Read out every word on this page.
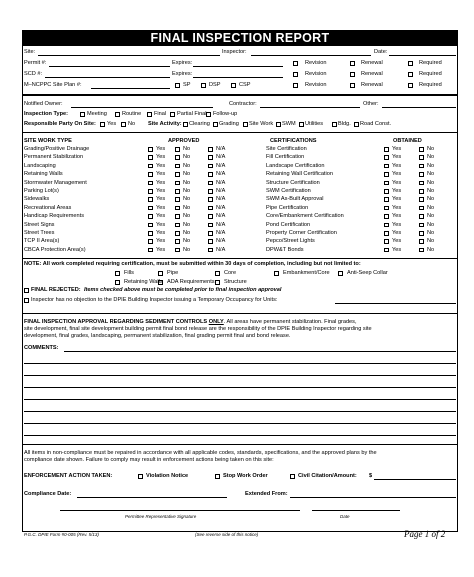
FINAL INSPECTION REPORT
Site:	Inspector:	Date:
Permit #:	Expires:	Revision	Renewal	Required
SCD #:	Expires:	Revision	Renewal	Required
M–NCPPC Site Plan #:	SP	DSP	CSP	Revision	Renewal	Required
Notified Owner:	Contractor:	Other:
Inspection Type:	Meeting	Routine Final Partial Final Follow-up
Responsible Party On Site: Yes No Site Activity: Clearing Grading Site Work SWM Utilities	Bldg. Road Const.
SITE WORK TYPE	APPROVED	CERTIFICATIONS	OBTAINED
Grading/Positive Drainage	Yes	No	N/A	Site Certification	Yes	No
Permanent Stabilization	Yes	No	N/A	Fill Certification	Yes	No
Landscaping	Yes	No	N/A	Landscape Certification	Yes	No
Retaining Walls	Yes	No	N/A	Retaining Wall Certification	Yes	No
Stormwater Management	Yes	No	N/A	Structure Certification	Yes	No
Parking Lot(s)	Yes	No	N/A	SWM Certification	Yes	No
Sidewalks	Yes	No	N/A	SWM As-Built Approval	Yes	No
Recreational Areas	Yes	No	N/A	Pipe Certification	Yes	No
Handicap Requirements	Yes	No	N/A	Core/Embankment Certification	Yes	No
Street Signs	Yes	No	N/A	Pond Certification	Yes	No
Street Trees	Yes	No	N/A	Property Corner Certification	Yes	No
TCP II Area(s)	Yes	No	N/A	Pepco/Street Lights	Yes	No
CBCA Protection Area(s)	Yes	No	N/A	DPW&T Bonds	Yes	No
NOTE: All work completed requiring certification, must be submitted within 30 days of completion, including but not limited to:
Fills	Pipe	Core	Embankment/Core	Anti-Seep Collar
Retaining Walls ADA Requirements Structure
FINAL REJECTED: Items checked above must be completed prior to final inspection approval
Inspector has no objection to the DPIE Building Inspector issuing a Temporary Occupancy for Units:
FINAL INSPECTION APPROVAL REGARDING SEDIMENT CONTROLS ONLY. All areas have permanent stabilization. Final grades,
site development, final site development building permit final bond release are the responsibility of the DPIE Building Inspector regarding site
development, final grades, landscaping, permanent stabilization, final grading permit final and bond release.
COMMENTS:
All items in non-compliance must be repaired in accordance with all applicable codes, standards, specifications, and the approved plans by the
compliance date shown. Failure to comply may result in enforcement actions being taken on this site:
ENFORCEMENT ACTION TAKEN:	Violation Notice	Stop Work Order	Civil Citation/Amount: $
Compliance Date:	Extended From:
Permittee Representative Signature	Date
P.G.C. DPIE Form #0-005 (Rev. 5/13)	(See reverse side of this notice)	Page 1 of 2
